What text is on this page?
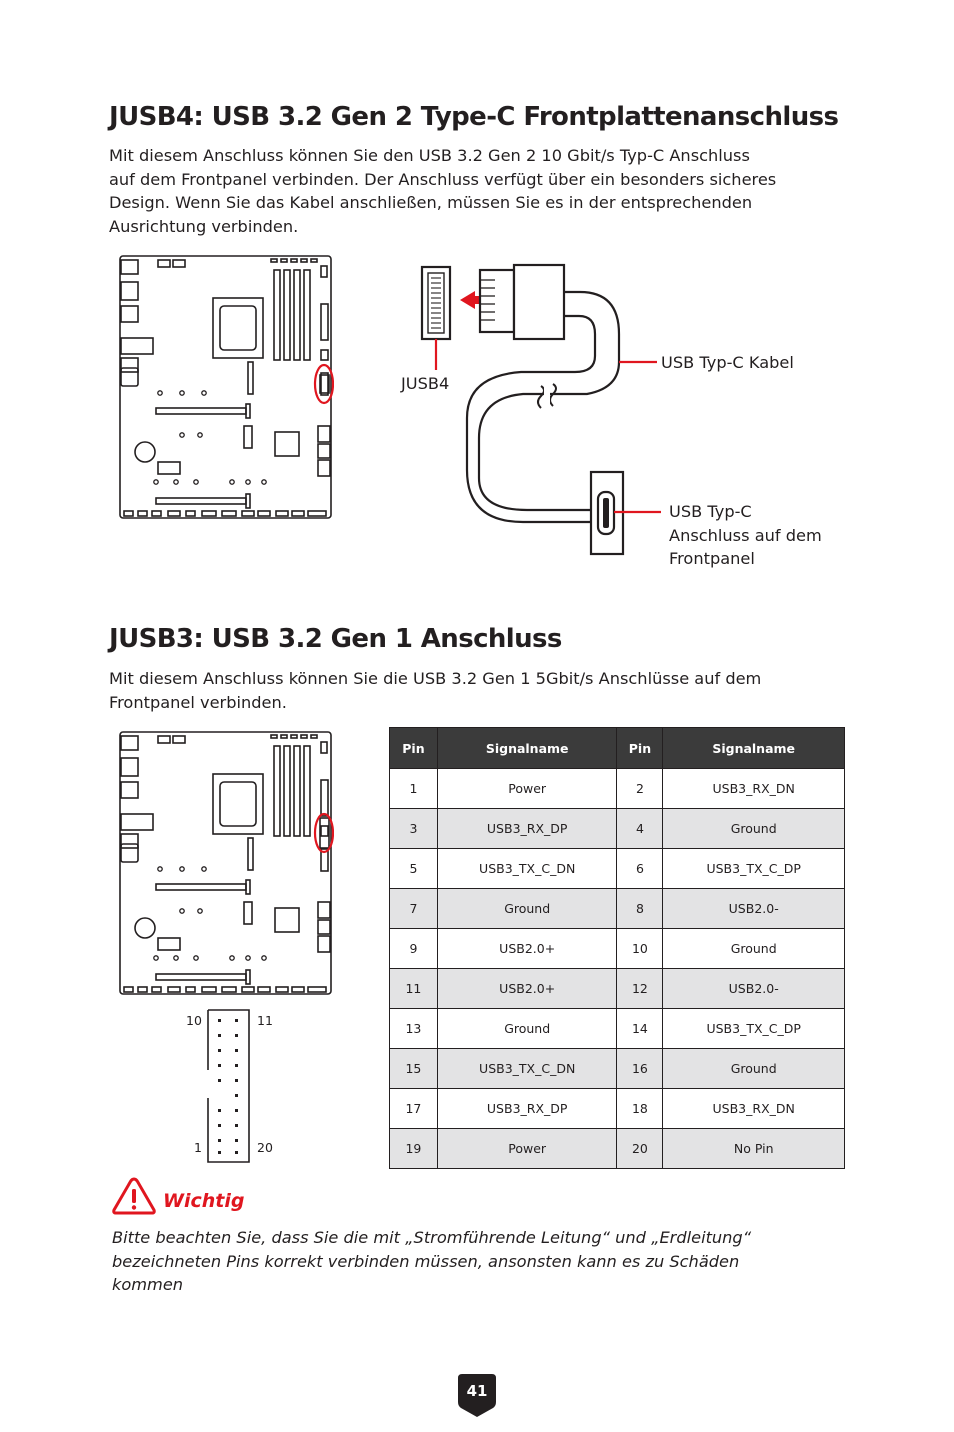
JUSB4: USB 3.2 Gen 2 Type-C Frontplattenanschluss
Mit diesem Anschluss können Sie den USB 3.2 Gen 2 10 Gbit/s Typ-C Anschluss
auf dem Frontpanel verbinden. Der Anschluss verfügt über ein besonders sicheres
Design. Wenn Sie das Kabel anschließen, müssen Sie es in der entsprechenden
Ausrichtung verbinden.
JUSB4
USB Typ-C Kabel
USB Typ-C
Anschluss auf dem
Frontpanel
JUSB3: USB 3.2 Gen 1 Anschluss
Mit diesem Anschluss können Sie die USB 3.2 Gen 1 5Gbit/s Anschlüsse auf dem
Frontpanel verbinden.
10	11
1	20
Pin	Signalname	Pin	Signalname
1	Power	2	USB3_RX_DN
3	USB3_RX_DP	4	Ground
5	USB3_TX_C_DN	6	USB3_TX_C_DP
7	Ground	8	USB2.0-
9	USB2.0+	10	Ground
11	USB2.0+	12	USB2.0-
13	Ground	14	USB3_TX_C_DP
15	USB3_TX_C_DN	16	Ground
17	USB3_RX_DP	18	USB3_RX_DN
19	Power	20	No Pin
Wichtig
Bitte beachten Sie, dass Sie die mit „Stromführende Leitung“ und „Erdleitung“
bezeichneten Pins korrekt verbinden müssen, ansonsten kann es zu Schäden
kommen
41
